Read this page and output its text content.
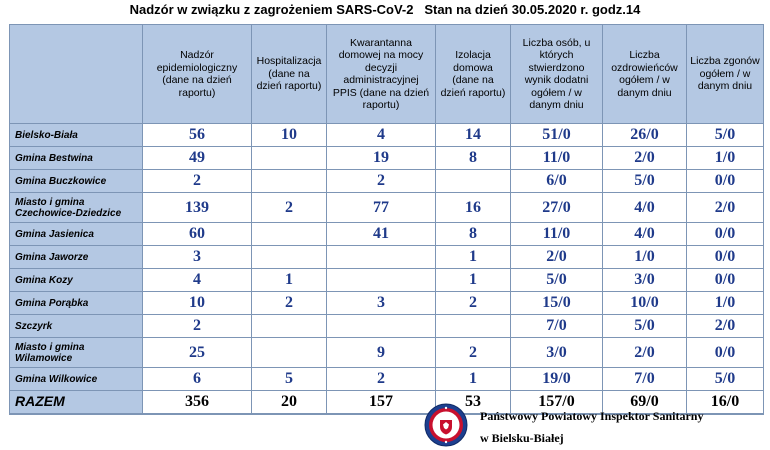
Nadzór w związku z zagrożeniem SARS-CoV-2   Stan na dzień 30.05.2020 r. godz.14

	Nadzór epidemiologiczny (dane na dzień raportu)	Hospitalizacja (dane na dzień raportu)	Kwarantanna domowej na mocy decyzji administracyjnej PPIS (dane na dzień raportu)	Izolacja domowa (dane na dzień raportu)	Liczba osób, u których stwierdzono wynik dodatni ogółem / w danym dniu	Liczba ozdrowieńców ogółem / w danym dniu	Liczba zgonów ogółem / w danym dniu

Bielsko-Biała	56	10	4	14	51/0	26/0	5/0
Gmina Bestwina	49		19	8	11/0	2/0	1/0
Gmina Buczkowice	2		2		6/0	5/0	0/0
Miasto i gmina Czechowice-Dziedzice	139	2	77	16	27/0	4/0	2/0
Gmina Jasienica	60		41	8	11/0	4/0	0/0
Gmina Jaworze	3			1	2/0	1/0	0/0
Gmina Kozy	4	1		1	5/0	3/0	0/0
Gmina Porąbka	10	2	3	2	15/0	10/0	1/0
Szczyrk	2				7/0	5/0	2/0
Miasto i gmina Wilamowice	25		9	2	3/0	2/0	0/0
Gmina Wilkowice	6	5	2	1	19/0	7/0	5/0
RAZEM	356	20	157	53	157/0	69/0	16/0
Państwowy Powiatowy Inspektor Sanitarny
w Bielsku-Białej
